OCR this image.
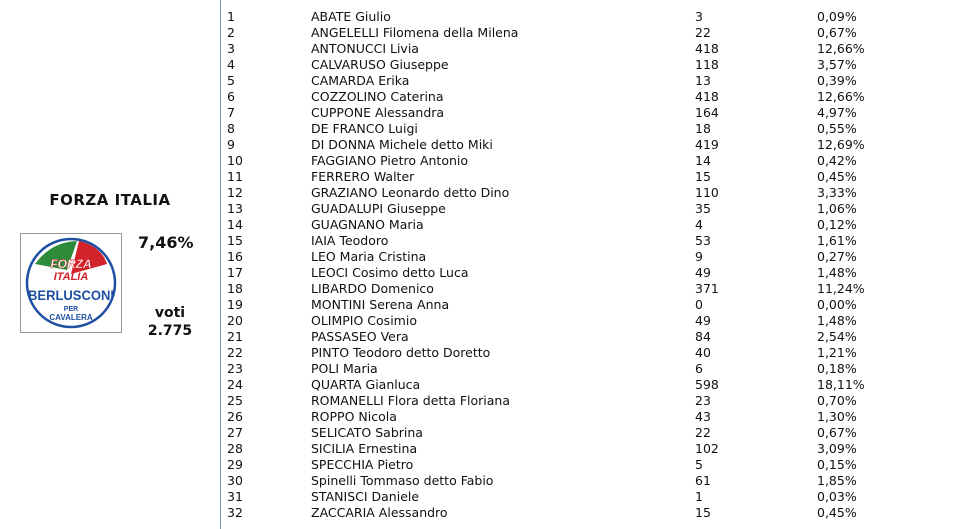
FORZA ITALIA
FORZA
ITALIA
BERLUSCONI
PER
CAVALERA
7,46%
voti
2.775
1	ABATE Giulio	3	0,09%
2	ANGELELLI Filomena della Milena	22	0,67%
3	ANTONUCCI Livia	418	12,66%
4	CALVARUSO Giuseppe	118	3,57%
5	CAMARDA Erika	13	0,39%
6	COZZOLINO Caterina	418	12,66%
7	CUPPONE Alessandra	164	4,97%
8	DE FRANCO Luigi	18	0,55%
9	DI DONNA Michele detto Miki	419	12,69%
10	FAGGIANO Pietro Antonio	14	0,42%
11	FERRERO Walter	15	0,45%
12	GRAZIANO Leonardo detto Dino	110	3,33%
13	GUADALUPI Giuseppe	35	1,06%
14	GUAGNANO Maria	4	0,12%
15	IAIA Teodoro	53	1,61%
16	LEO Maria Cristina	9	0,27%
17	LEOCI Cosimo detto Luca	49	1,48%
18	LIBARDO Domenico	371	11,24%
19	MONTINI Serena Anna	0	0,00%
20	OLIMPIO Cosimio	49	1,48%
21	PASSASEO Vera	84	2,54%
22	PINTO Teodoro detto Doretto	40	1,21%
23	POLI Maria	6	0,18%
24	QUARTA Gianluca	598	18,11%
25	ROMANELLI Flora detta Floriana	23	0,70%
26	ROPPO Nicola	43	1,30%
27	SELICATO Sabrina	22	0,67%
28	SICILIA Ernestina	102	3,09%
29	SPECCHIA Pietro	5	0,15%
30	Spinelli Tommaso detto Fabio	61	1,85%
31	STANISCI Daniele	1	0,03%
32	ZACCARIA Alessandro	15	0,45%
